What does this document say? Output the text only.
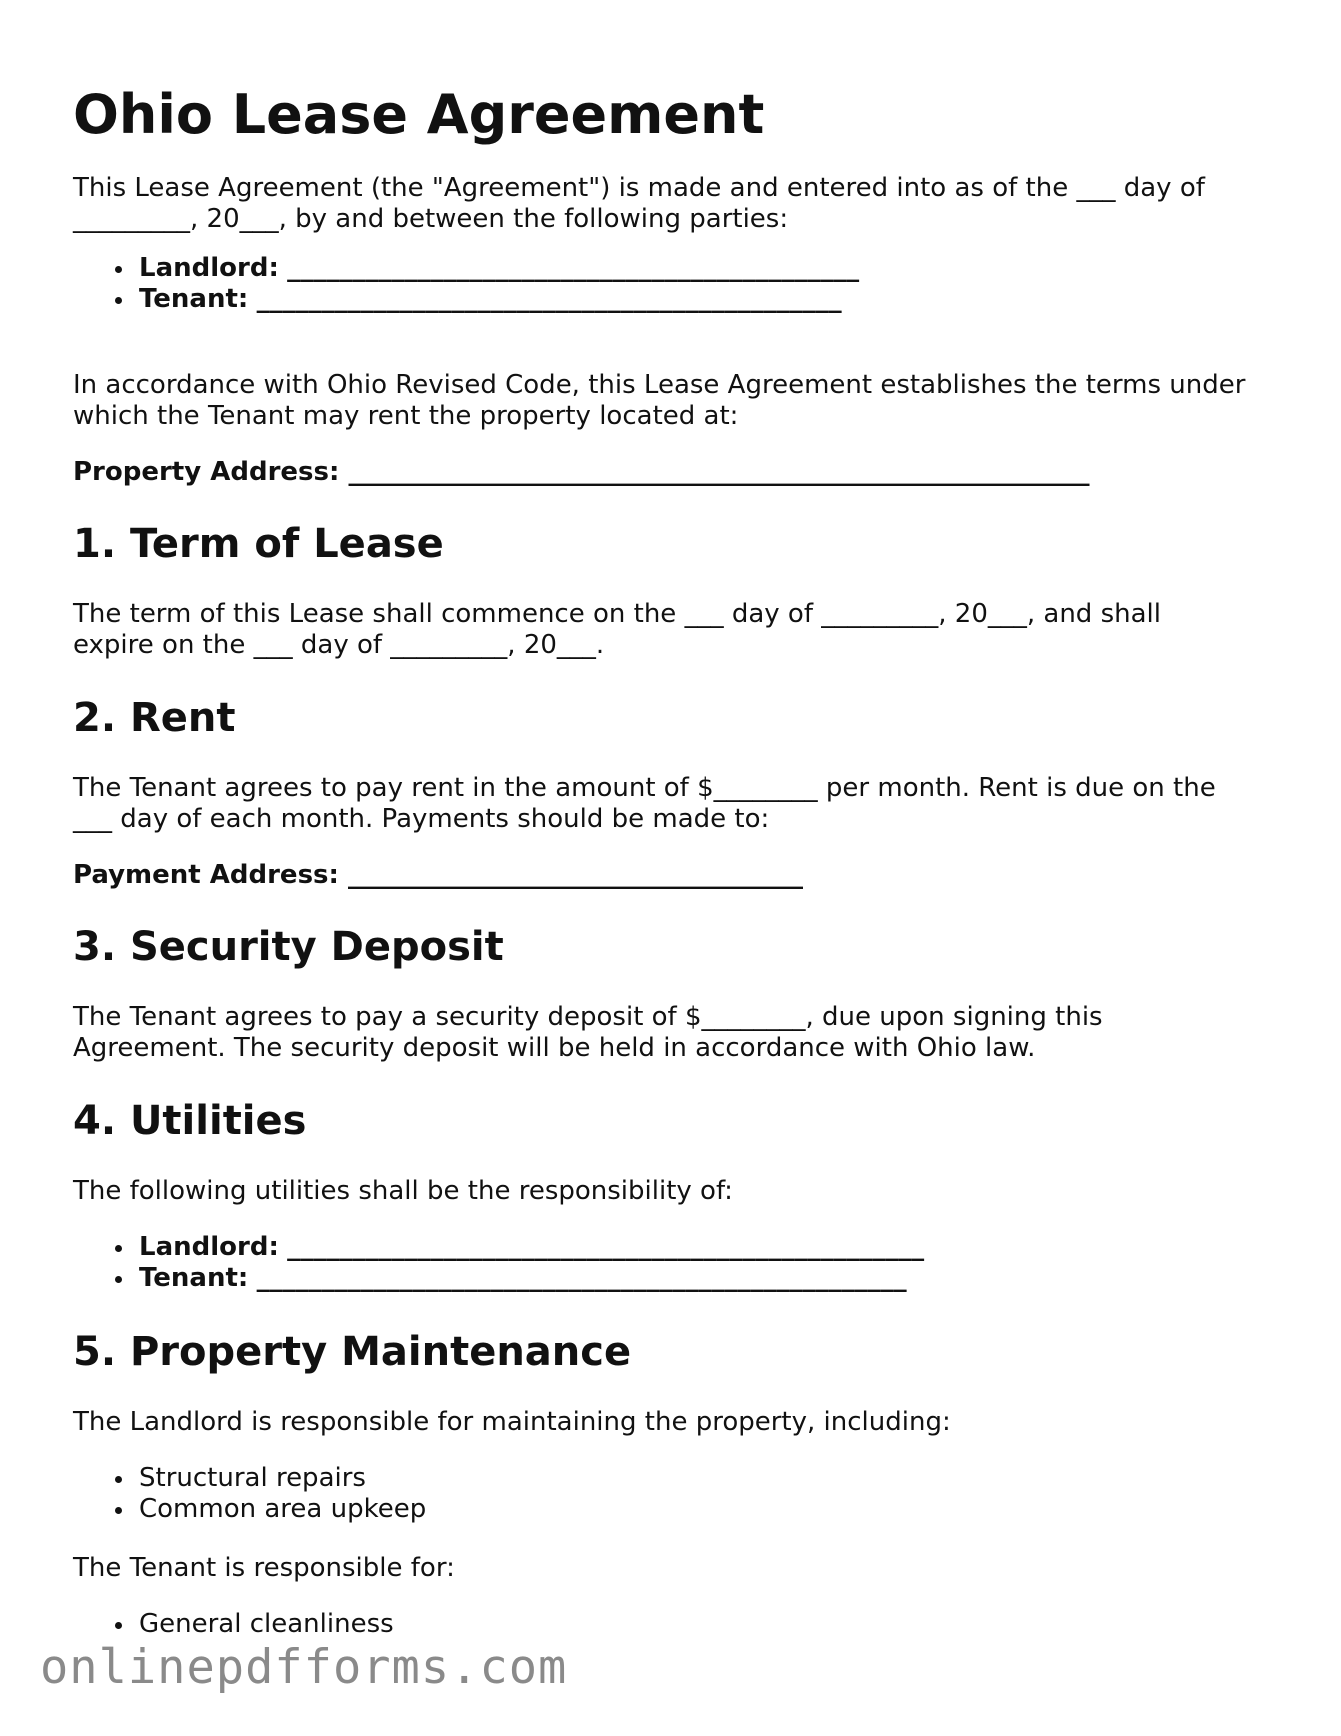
Ohio Lease Agreement

This Lease Agreement (the "Agreement") is made and entered into as of the ___ day of
_________, 20___, by and between the following parties:

Landlord: ____________________________________________
Tenant: _____________________________________________

In accordance with Ohio Revised Code, this Lease Agreement establishes the terms under
which the Tenant may rent the property located at:

Property Address: _________________________________________________________

1. Term of Lease

The term of this Lease shall commence on the ___ day of _________, 20___, and shall
expire on the ___ day of _________, 20___.

2. Rent

The Tenant agrees to pay rent in the amount of $________ per month. Rent is due on the
___ day of each month. Payments should be made to:

Payment Address: ___________________________________

3. Security Deposit

The Tenant agrees to pay a security deposit of $________, due upon signing this
Agreement. The security deposit will be held in accordance with Ohio law.

4. Utilities

The following utilities shall be the responsibility of:

Landlord: _________________________________________________
Tenant: __________________________________________________
5. Property Maintenance

The Landlord is responsible for maintaining the property, including:

Structural repairs
Common area upkeep

The Tenant is responsible for:

General cleanliness
onlinepdfforms.com
